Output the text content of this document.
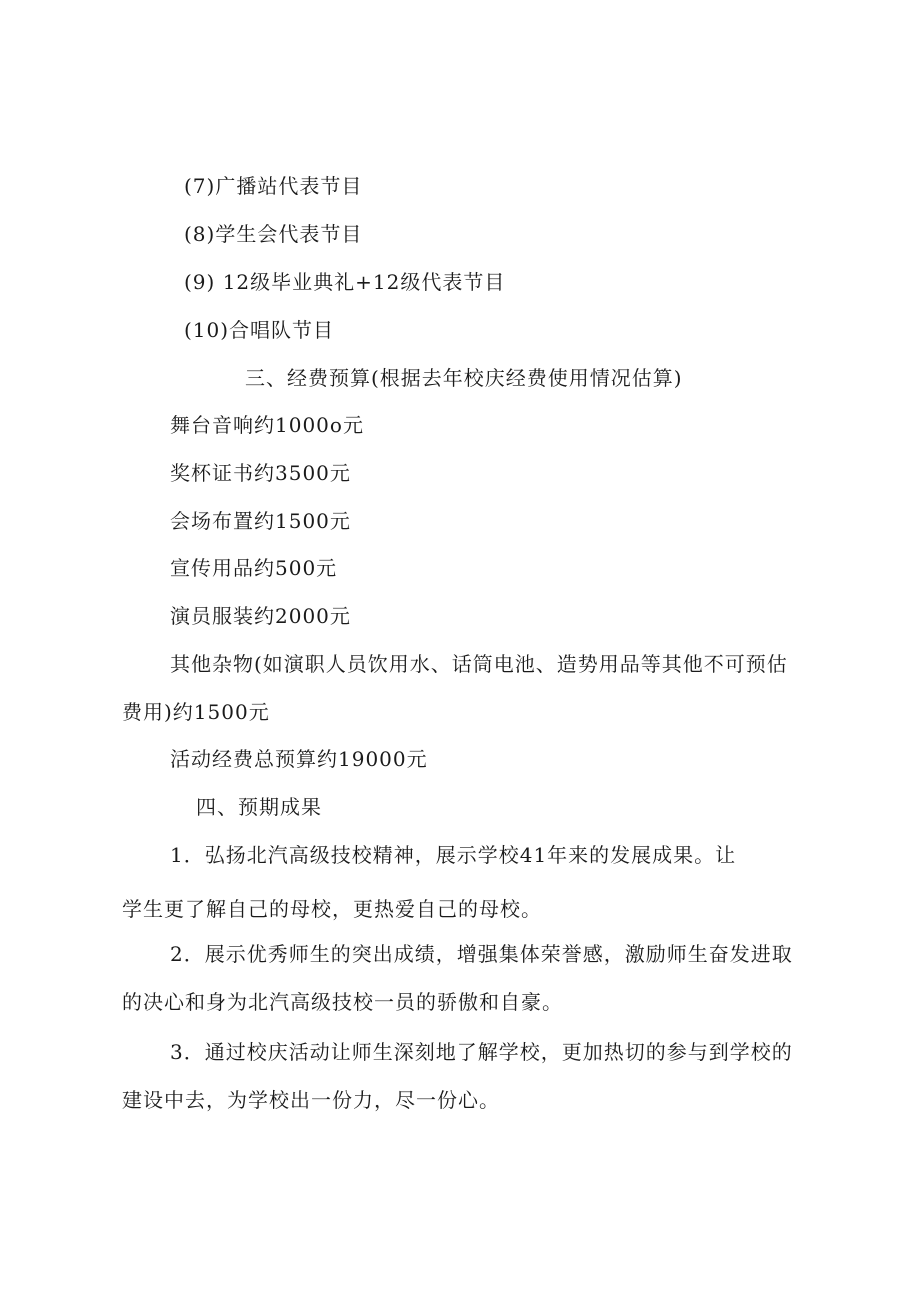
(7)广播站代表节目
(8)学生会代表节目
(9) 12级毕业典礼+12级代表节目
(10)合唱队节目
三、经费预算(根据去年校庆经费使用情况估算)
舞台音响约1000o元
奖杯证书约3500元
会场布置约1500元
宣传用品约500元
演员服装约2000元
其他杂物(如演职人员饮用水、话筒电池、造势用品等其他不可预估
费用)约1500元
活动经费总预算约19000元
四、预期成果
1．弘扬北汽高级技校精神，展示学校41年来的发展成果。让
学生更了解自己的母校，更热爱自己的母校。
2．展示优秀师生的突出成绩，增强集体荣誉感，激励师生奋发进取
的决心和身为北汽高级技校一员的骄傲和自豪。
3．通过校庆活动让师生深刻地了解学校，更加热切的参与到学校的
建设中去，为学校出一份力，尽一份心。
